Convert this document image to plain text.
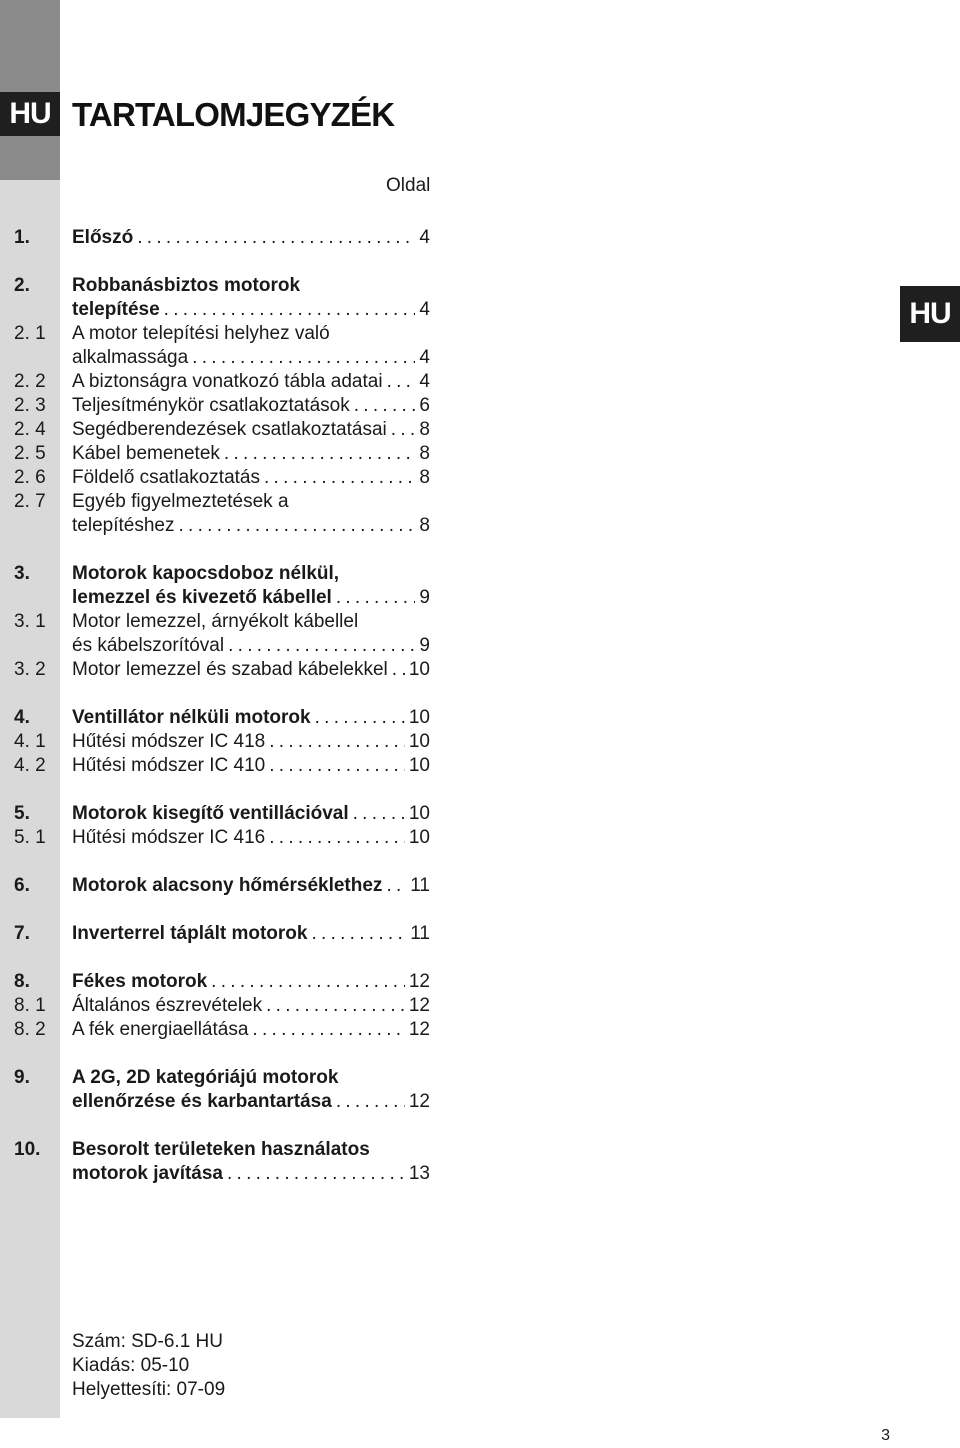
HU TARTALOMJEGYZÉK
HU
Oldal
1. Előszó . . .	4
2. Robbanásbiztos motorok
telepítése . . .	4
2. 1 A motor telepítési helyhez való
alkalmassága . . .	4
2. 2 A biztonságra vonatkozó tábla adatai . . . 4
2. 3 Teljesítménykör csatlakoztatások . . .	6
2. 4 Segédberendezések csatlakoztatásai . . . 8
2. 5 Kábel bemenetek . . .	8
2. 6 Földelő csatlakoztatás . . .	8
2. 7 Egyéb figyelmeztetések a
telepítéshez . . .	8
3. Motorok kapocsdoboz nélkül,
lemezzel és kivezető kábellel . . .	9
3. 1 Motor lemezzel, árnyékolt kábellel
és kábelszorítóval . . .	9
3. 2 Motor lemezzel és szabad kábelekkel . . . 10
4. Ventillátor nélküli motorok . . .	10
4. 1 Hűtési módszer IC 418 . . .	10
4. 2 Hűtési módszer IC 410 . . .	10
5. Motorok kisegítő ventillációval . . .	10
5. 1 Hűtési módszer IC 416 . . .	10
6. Motorok alacsony hőmérséklethez . . . 11
7. Inverterrel táplált motorok . . .	11
8. Fékes motorok . . .	12
8. 1 Általános észrevételek . . .	12
8. 2 A fék energiaellátása . . .	12
9. A 2G, 2D kategóriájú motorok
ellenőrzése és karbantartása . . .	12
10. Besorolt területeken használatos
motorok javítása . . .	13
Szám: SD-6.1 HU
Kiadás: 05-10
Helyettesíti: 07-09
3
